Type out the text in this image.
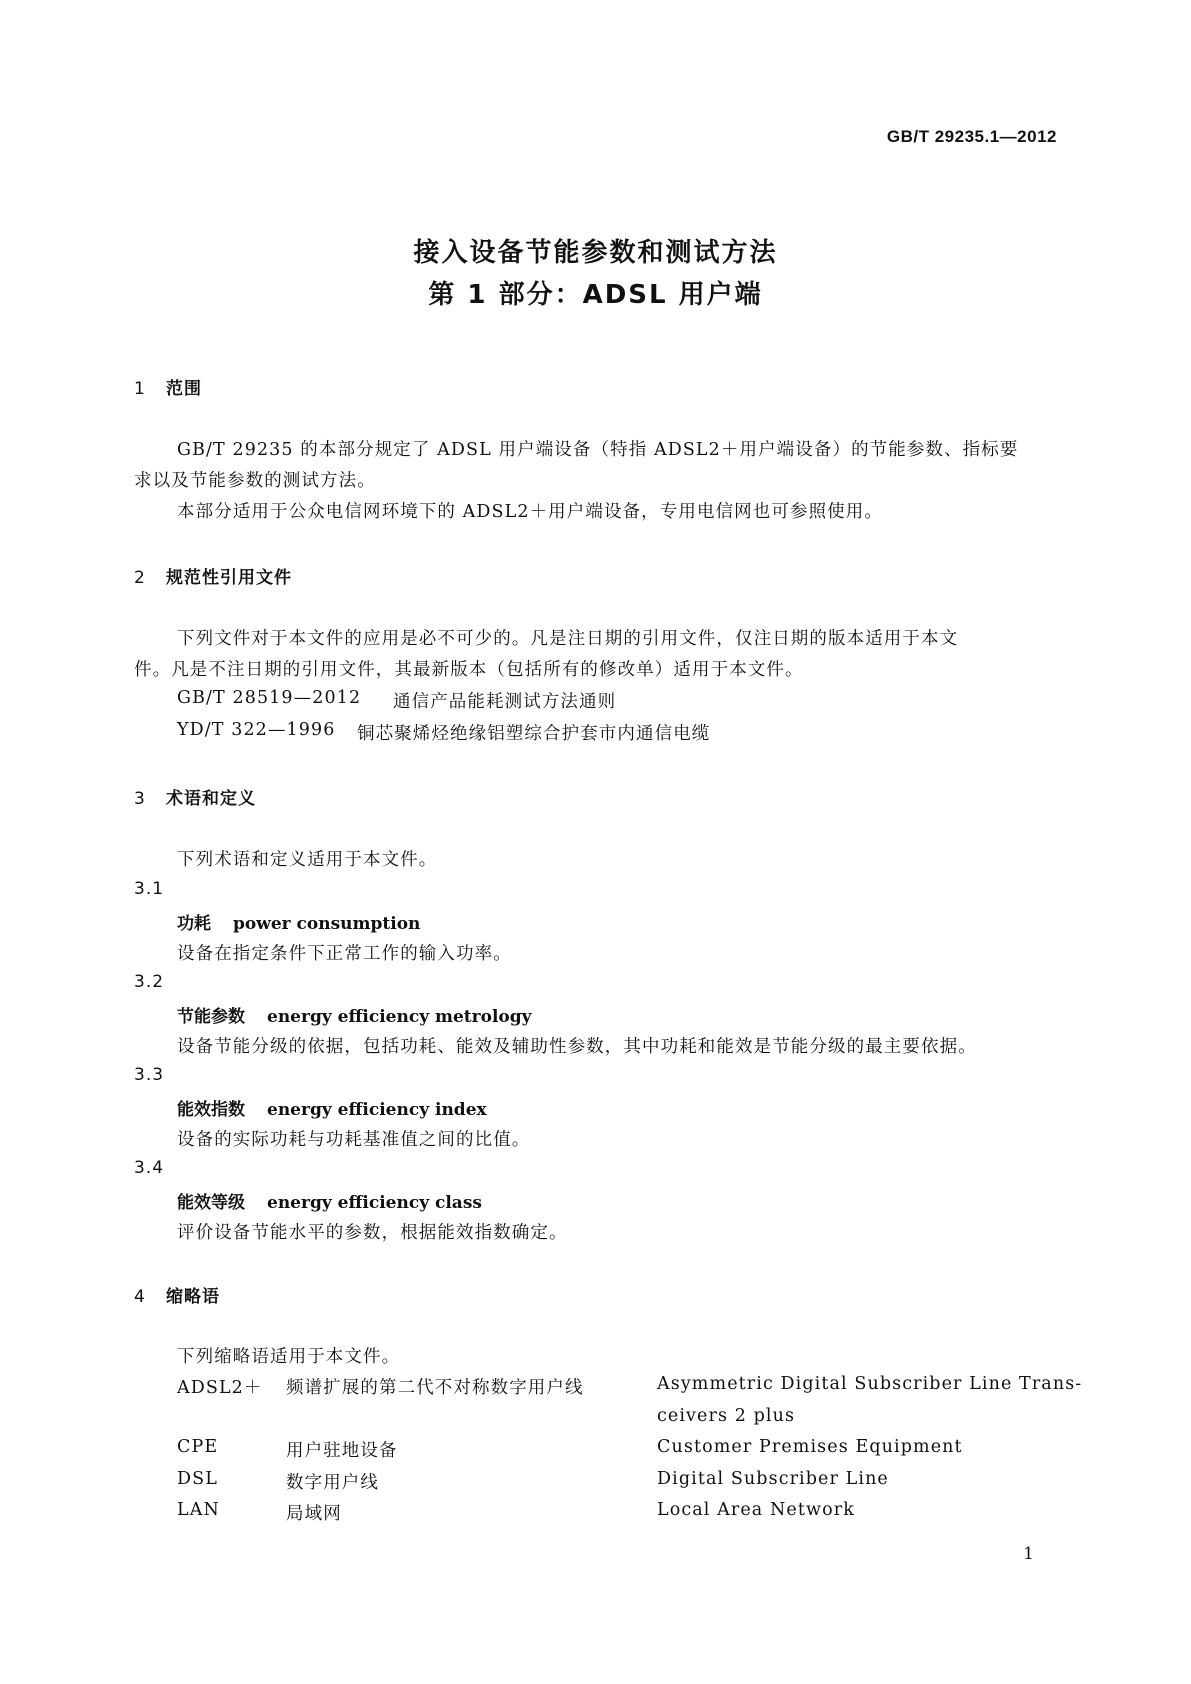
GB/T 29235.1—2012
接入设备节能参数和测试方法
第 1 部分：ADSL 用户端
1 范围
GB/T 29235 的本部分规定了 ADSL 用户端设备（特指 ADSL2＋用户端设备）的节能参数、指标要
求以及节能参数的测试方法。
本部分适用于公众电信网环境下的 ADSL2＋用户端设备，专用电信网也可参照使用。
2 规范性引用文件
下列文件对于本文件的应用是必不可少的。凡是注日期的引用文件，仅注日期的版本适用于本文
件。凡是不注日期的引用文件，其最新版本（包括所有的修改单）适用于本文件。
GB/T 28519—2012 通信产品能耗测试方法通则
YD/T 322—1996 铜芯聚烯烃绝缘铝塑综合护套市内通信电缆
3 术语和定义
下列术语和定义适用于本文件。
3.1
功耗 power consumption
设备在指定条件下正常工作的输入功率。
3.2
节能参数 energy efficiency metrology
设备节能分级的依据，包括功耗、能效及辅助性参数，其中功耗和能效是节能分级的最主要依据。
3.3
能效指数 energy efficiency index
设备的实际功耗与功耗基准值之间的比值。
3.4
能效等级 energy efficiency class
评价设备节能水平的参数，根据能效指数确定。
4 缩略语
下列缩略语适用于本文件。
ADSL2＋ 频谱扩展的第二代不对称数字用户线	Asymmetric Digital Subscriber Line Trans-
ceivers 2 plus
CPE	用户驻地设备	Customer Premises Equipment
DSL	数字用户线	Digital Subscriber Line
LAN	局域网	Local Area Network
1
